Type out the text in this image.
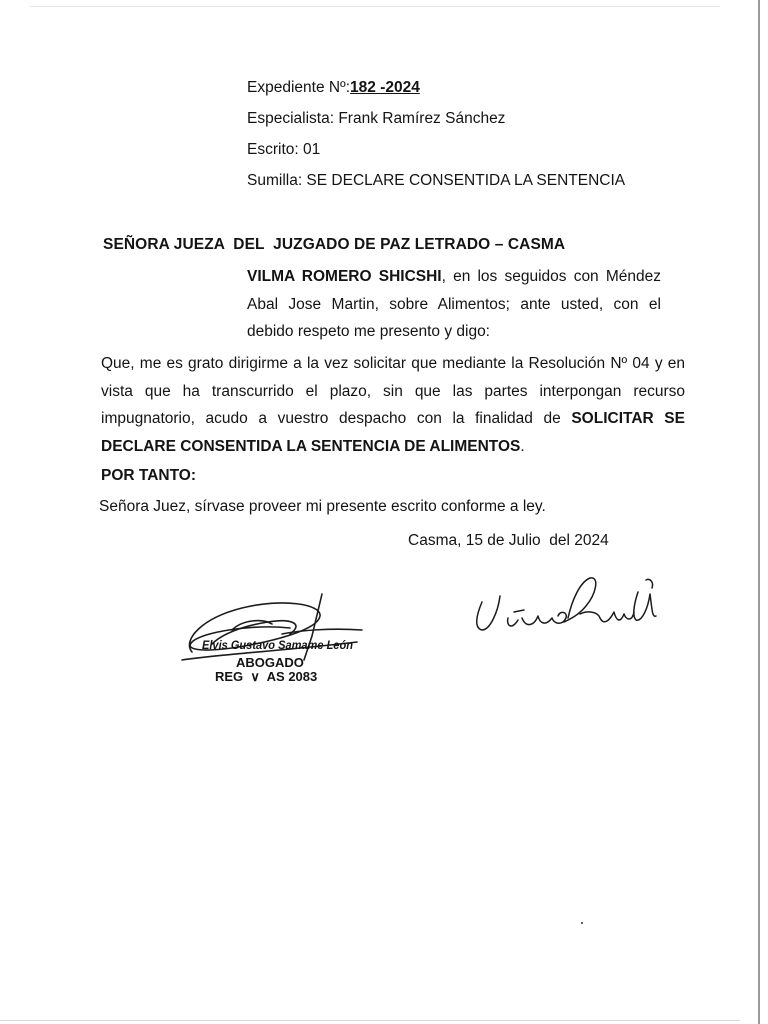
Expediente Nº:182 -2024
Especialista: Frank Ramírez Sánchez
Escrito: 01
Sumilla: SE DECLARE CONSENTIDA LA SENTENCIA
SEÑORA JUEZA  DEL  JUZGADO DE PAZ LETRADO – CASMA
VILMA ROMERO SHICSHI, en los seguidos con Méndez Abal Jose Martin, sobre Alimentos; ante usted, con el debido respeto me presento y digo:
Que, me es grato dirigirme a la vez solicitar que mediante la Resolución Nº 04 y en vista que ha transcurrido el plazo, sin que las partes interpongan recurso impugnatorio, acudo a vuestro despacho con la finalidad de SOLICITAR SE DECLARE CONSENTIDA LA SENTENCIA DE ALIMENTOS.
POR TANTO:
Señora Juez, sírvase proveer mi presente escrito conforme a ley.
Casma, 15 de Julio  del 2024
Elvis Gustavo Samame León
ABOGADO
REG  ∨  AS 2083
